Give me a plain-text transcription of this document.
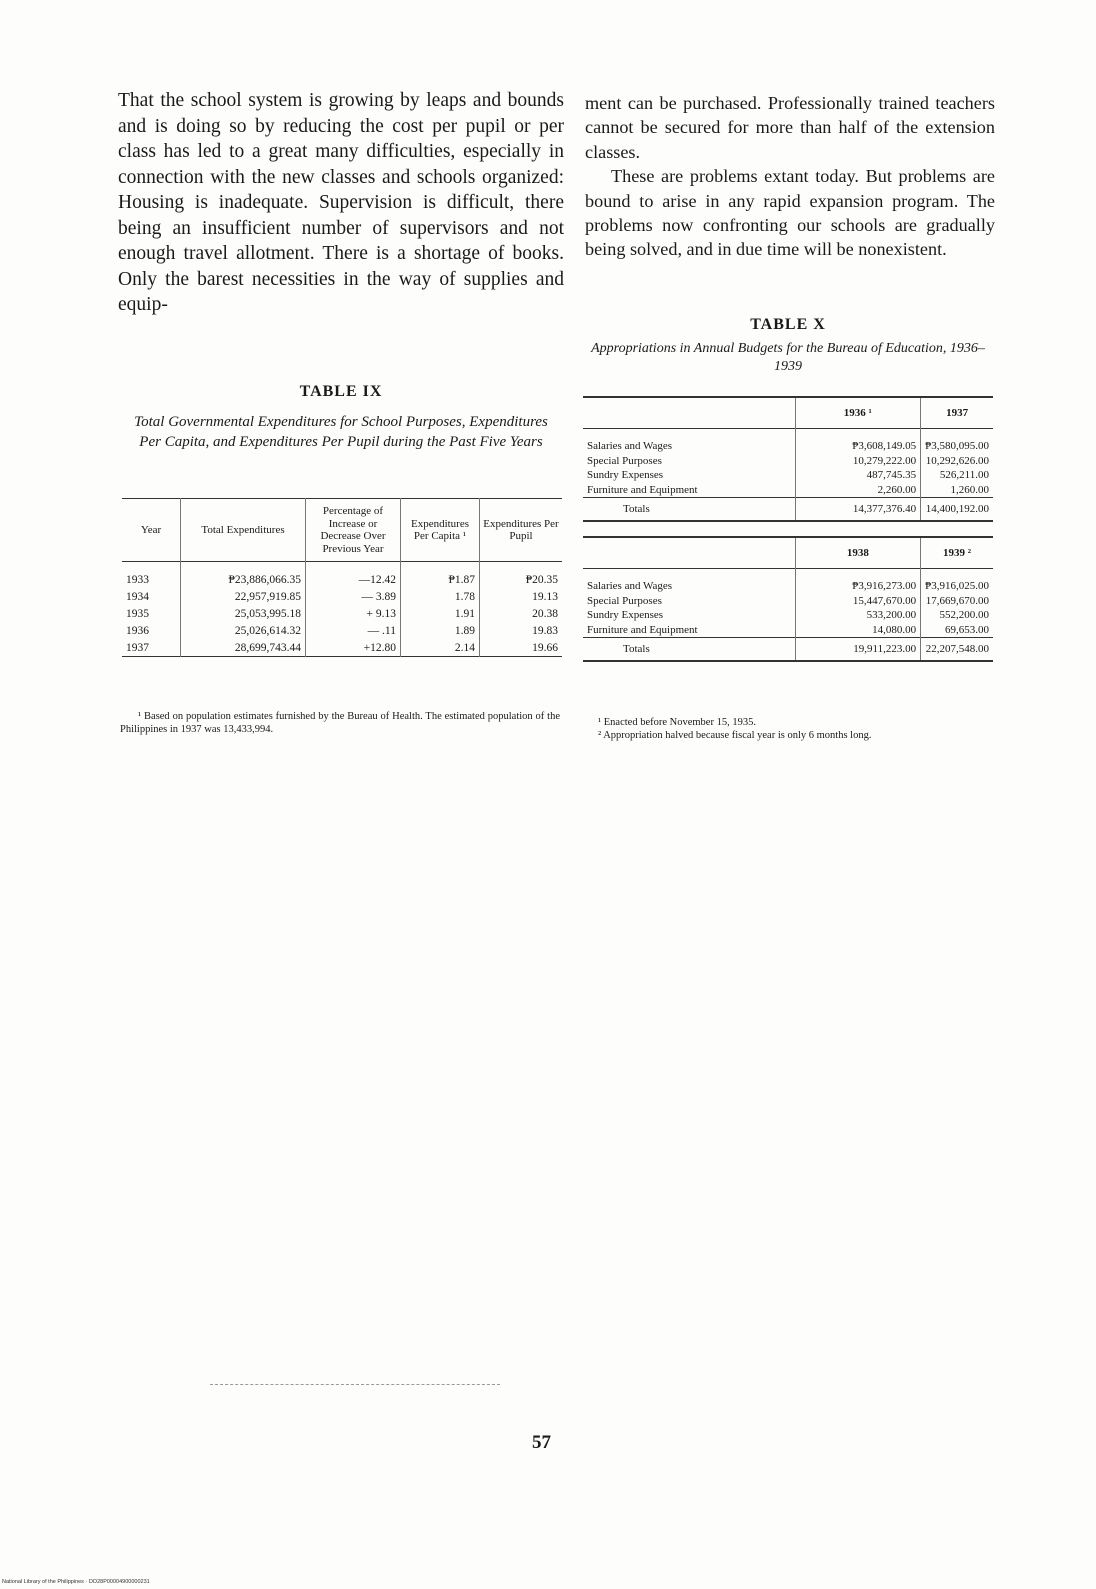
That the school system is growing by leaps and bounds and is doing so by reducing the cost per pupil or per class has led to a great many difficulties, especially in connection with the new classes and schools organized: Housing is inadequate. Supervision is difficult, there being an insufficient number of supervisors and not enough travel allotment. There is a shortage of books. Only the barest necessities in the way of supplies and equip-

ment can be purchased. Professionally trained teachers cannot be secured for more than half of the extension classes.

These are problems extant today. But problems are bound to arise in any rapid expansion program. The problems now confronting our schools are gradually being solved, and in due time will be nonexistent.

TABLE IX

Total Governmental Expenditures for School Purposes, Expenditures Per Capita, and Expenditures Per Pupil during the Past Five Years

Year	Total Expenditures	Percentage of Increase or Decrease Over Previous Year	Expenditures Per Capita ¹	Expenditures Per Pupil
1933	₱23,886,066.35	—12.42	₱1.87	₱20.35
1934	22,957,919.85	— 3.89	1.78	19.13
1935	25,053,995.18	+ 9.13	1.91	20.38
1936	25,026,614.32	— .11	1.89	19.83
1937	28,699,743.44	+12.80	2.14	19.66

¹ Based on population estimates furnished by the Bureau of Health. The estimated population of the Philippines in 1937 was 13,433,994.

TABLE X

Appropriations in Annual Budgets for the Bureau of Education, 1936–1939

	1936 ¹	1937
Salaries and Wages	₱3,608,149.05	₱3,580,095.00
Special Purposes	10,279,222.00	10,292,626.00
Sundry Expenses	487,745.35	526,211.00
Furniture and Equipment	2,260.00	1,260.00
Totals	14,377,376.40	14,400,192.00

	1938	1939 ²
Salaries and Wages	₱3,916,273.00	₱3,916,025.00
Special Purposes	15,447,670.00	17,669,670.00
Sundry Expenses	533,200.00	552,200.00
Furniture and Equipment	14,080.00	69,653.00
Totals	19,911,223.00	22,207,548.00

¹ Enacted before November 15, 1935.

² Appropriation halved because fiscal year is only 6 months long.

57
National Library of the Philippines · DO28P00004900000231
